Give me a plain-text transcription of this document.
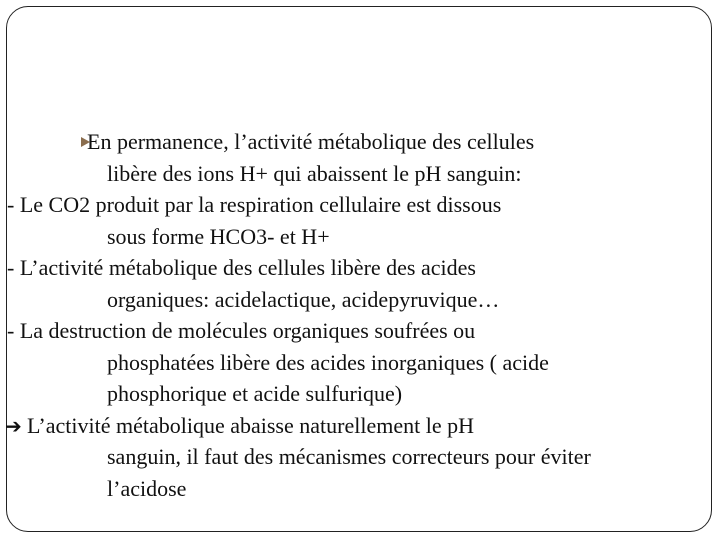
En permanence, l’activité métabolique des cellules
libère des ions H+ qui abaissent le pH sanguin:
- Le CO2 produit par la respiration cellulaire est dissous
sous forme HCO3- et H+
- L’activité métabolique des cellules libère des acides
organiques: acidelactique, acidepyruvique…
- La destruction de molécules organiques soufrées ou
phosphatées libère des acides inorganiques ( acide
phosphorique et acide sulfurique)
➔ L’activité métabolique abaisse naturellement le pH
sanguin, il faut des mécanismes correcteurs pour éviter
l’acidose
